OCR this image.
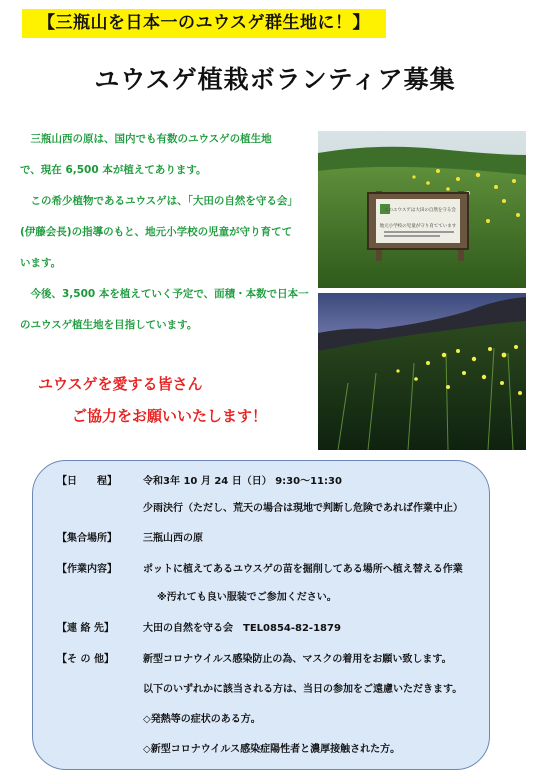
【三瓶山を日本一のユウスゲ群生地に！】
ユウスゲ植栽ボランティア募集

　三瓶山西の原は、国内でも有数のユウスゲの植生地

で、現在 6,500 本が植えてあります。

　この希少植物であるユウスゲは、「大田の自然を守る会」

(伊藤会長)の指導のもと、地元小学校の児童が守り育てて

います。

　今後、3,500 本を植えていく予定で、面積・本数で日本一

のユウスゲ植生地を目指しています。

ユウスゲを愛する皆さん
ご協力をお願いいたします！
このユウスゲは大田の自然を守る会
地元小学校の児童が守り育てています
【日　　程】	令和3年 10 月 24 日（日） 9:30～11:30
少雨決行（ただし、荒天の場合は現地で判断し危険であれば作業中止）
【集合場所】	三瓶山西の原
【作業内容】	ポットに植えてあるユウスゲの苗を掘削してある場所へ植え替える作業
※汚れても良い服装でご参加ください。
【連 絡 先】	大田の自然を守る会　TEL0854-82-1879
【そ の 他】	新型コロナウイルス感染防止の為、マスクの着用をお願い致します。
以下のいずれかに該当される方は、当日の参加をご遠慮いただきます。
◇発熱等の症状のある方。
◇新型コロナウイルス感染症陽性者と濃厚接触された方。
